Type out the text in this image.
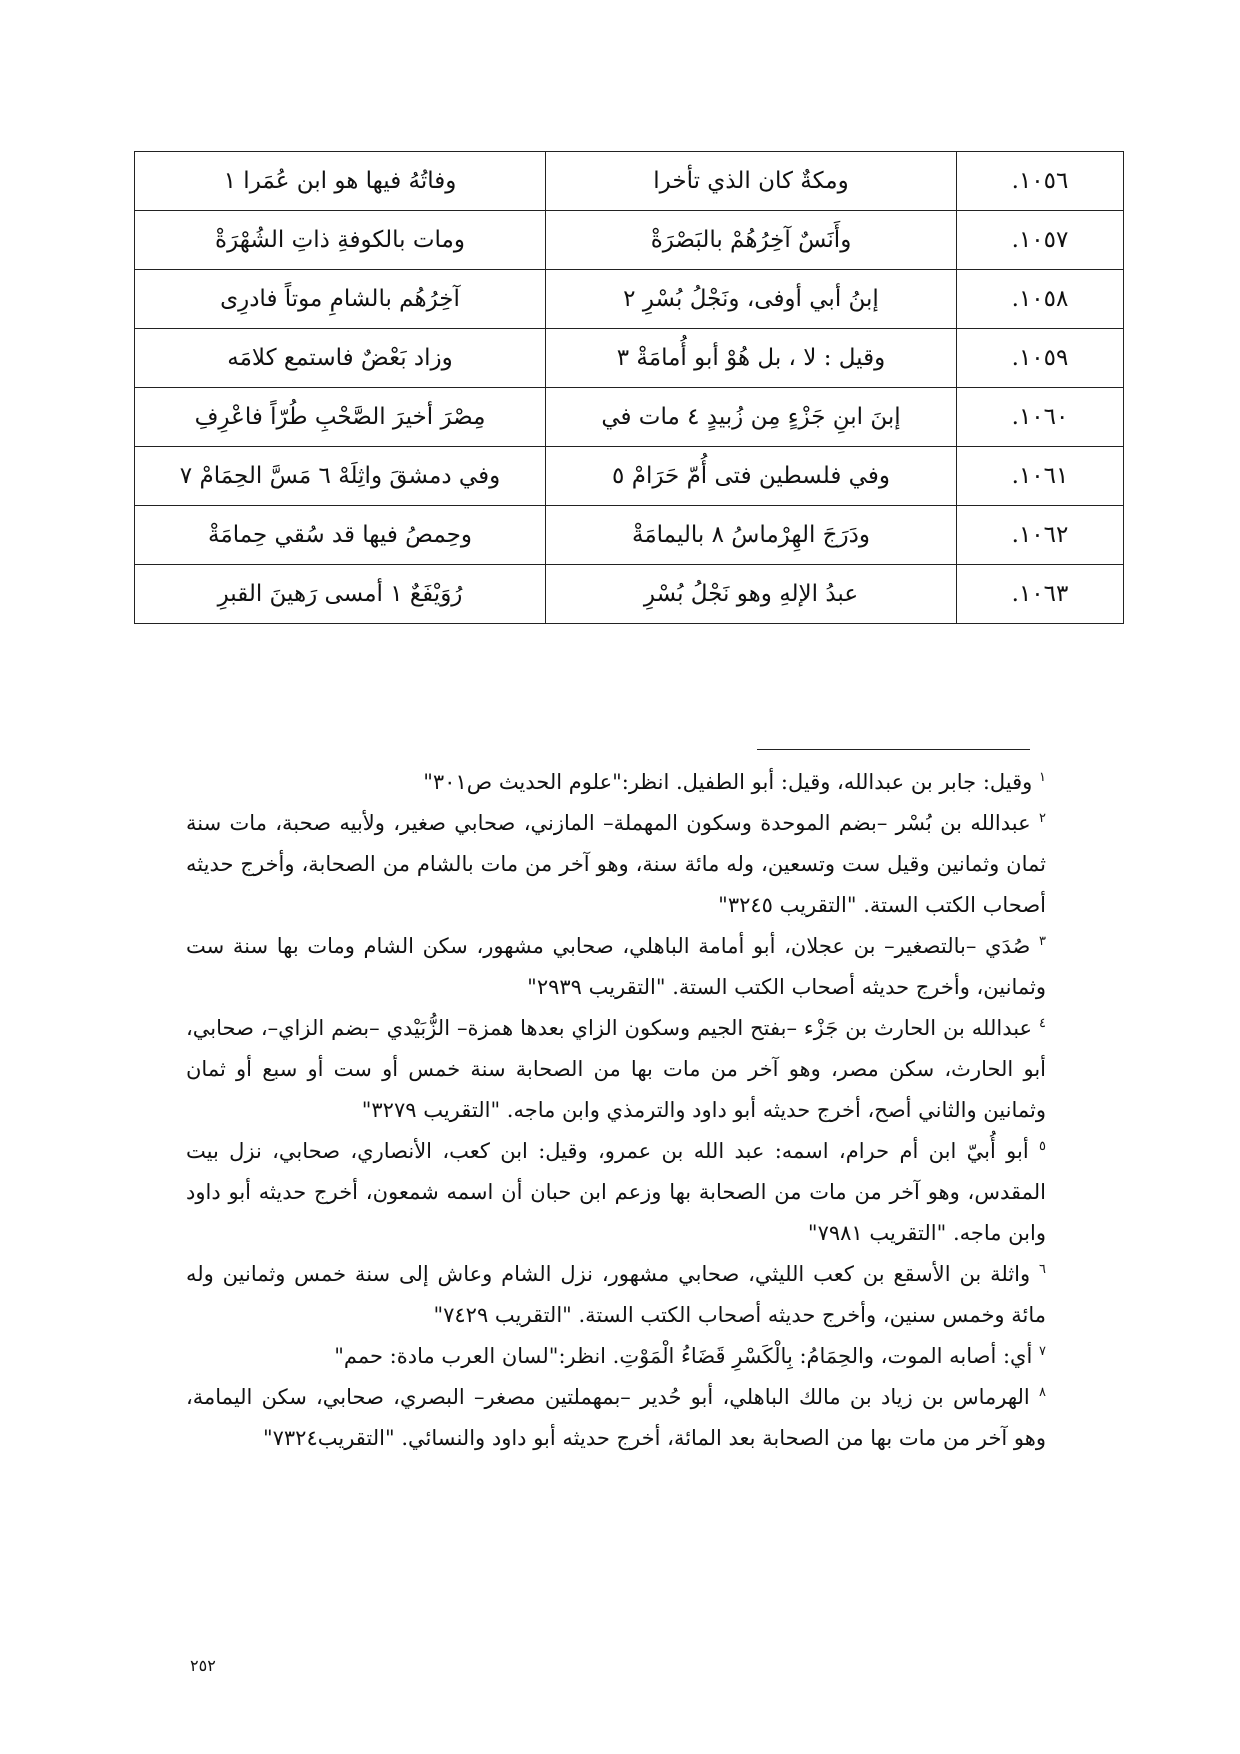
١٠٥٦.	ومكةٌ كان الذي تأخرا	وفاتُهُ فيها هو ابن عُمَرا ١
١٠٥٧.	وأَنَسٌ آخِرُهُمْ بالبَصْرَةْ	ومات بالكوفةِ ذاتِ الشُهْرَةْ
١٠٥٨.	إبنُ أبي أوفى، ونَجْلُ بُسْرِ ٢	آخِرُهُم بالشامِ موتاً فادرِى
١٠٥٩.	وقيل : لا ، بل هُوْ أبو أُمامَةْ ٣	وزاد بَعْضٌ فاستمع كلامَه
١٠٦٠.	إبنَ ابنِ جَزْءٍ مِن زُبيدٍ ٤ مات في	مِصْرَ أخيرَ الصَّحْبِ طُرّاً فاعْرِفِ
١٠٦١.	وفي فلسطين فتى أُمّ حَرَامْ ٥	وفي دمشقَ واثِلَهْ ٦ مَسَّ الحِمَامْ ٧
١٠٦٢.	ودَرَجَ الهِرْماسُ ٨ باليمامَةْ	وحِمصُ فيها قد سُقي حِمامَةْ
١٠٦٣.	عبدُ الإلهِ وهو نَجْلُ بُسْرِ	رُوَيْفَعٌ ١ أمسى رَهينَ القبرِ

$^١$ وقيل: جابر بن عبدالله، وقيل: أبو الطفيل. انظر:"علوم الحديث ص٣٠١"

$^٢$ عبدالله بن بُسْر –بضم الموحدة وسكون المهملة– المازني، صحابي صغير، ولأبيه صحبة، مات سنة ثمان وثمانين وقيل ست وتسعين، وله مائة سنة، وهو آخر من مات بالشام من الصحابة، وأخرج حديثه أصحاب الكتب الستة. "التقريب ٣٢٤٥"

$^٣$ صُدَي –بالتصغير– بن عجلان، أبو أمامة الباهلي، صحابي مشهور، سكن الشام ومات بها سنة ست وثمانين، وأخرج حديثه أصحاب الكتب الستة. "التقريب ٢٩٣٩"

$^٤$ عبدالله بن الحارث بن جَزْء –بفتح الجيم وسكون الزاي بعدها همزة– الزُّبَيْدي –بضم الزاي–، صحابي، أبو الحارث، سكن مصر، وهو آخر من مات بها من الصحابة سنة خمس أو ست أو سبع أو ثمان وثمانين والثاني أصح، أخرج حديثه أبو داود والترمذي وابن ماجه. "التقريب ٣٢٧٩"

$^٥$ أبو أُبيّ ابن أم حرام، اسمه: عبد الله بن عمرو، وقيل: ابن كعب، الأنصاري، صحابي، نزل بيت المقدس، وهو آخر من مات من الصحابة بها وزعم ابن حبان أن اسمه شمعون، أخرج حديثه أبو داود وابن ماجه. "التقريب ٧٩٨١"

$^٦$ واثلة بن الأسقع بن كعب الليثي، صحابي مشهور، نزل الشام وعاش إلى سنة خمس وثمانين وله مائة وخمس سنين، وأخرج حديثه أصحاب الكتب الستة. "التقريب ٧٤٢٩"

$^٧$ أي: أصابه الموت، والحِمَامُ: بِالْكَسْرِ قَضَاءُ الْمَوْتِ. انظر:"لسان العرب مادة: حمم"

$^٨$ الهرماس بن زياد بن مالك الباهلي، أبو حُدير –بمهملتين مصغر– البصري، صحابي، سكن اليمامة، وهو آخر من مات بها من الصحابة بعد المائة، أخرج حديثه أبو داود والنسائي. "التقريب٧٣٢٤"

٢٥٢
